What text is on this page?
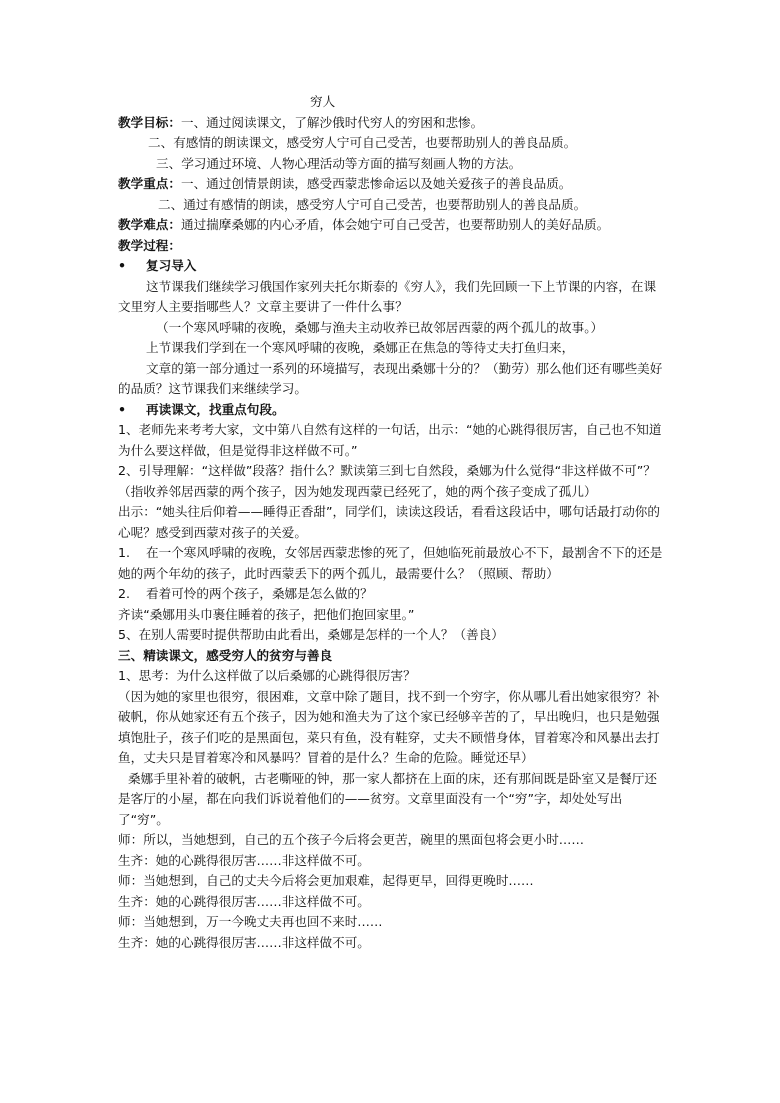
穷人

教学目标：一、通过阅读课文，了解沙俄时代穷人的穷困和悲惨。

二、有感情的朗读课文，感受穷人宁可自己受苦，也要帮助别人的善良品质。

三、学习通过环境、人物心理活动等方面的描写刻画人物的方法。

教学重点：一、通过创情景朗读，感受西蒙悲惨命运以及她关爱孩子的善良品质。

二、通过有感情的朗读，感受穷人宁可自己受苦，也要帮助别人的善良品质。

教学难点：通过揣摩桑娜的内心矛盾，体会她宁可自己受苦，也要帮助别人的美好品质。

教学过程：

• 复习导入

这节课我们继续学习俄国作家列夫托尔斯泰的《穷人》，我们先回顾一下上节课的内容，在课文里穷人主要指哪些人？文章主要讲了一件什么事？

（一个寒风呼啸的夜晚，桑娜与渔夫主动收养已故邻居西蒙的两个孤儿的故事。）

上节课我们学到在一个寒风呼啸的夜晚，桑娜正在焦急的等待丈夫打鱼归来，

文章的第一部分通过一系列的环境描写，表现出桑娜十分的？（勤劳）那么他们还有哪些美好的品质？这节课我们来继续学习。

• 再读课文，找重点句段。

1、老师先来考考大家，文中第八自然有这样的一句话，出示：“她的心跳得很厉害，自己也不知道为什么要这样做，但是觉得非这样做不可。”

2、引导理解：“这样做”段落？指什么？默读第三到七自然段，桑娜为什么觉得“非这样做不可”？

（指收养邻居西蒙的两个孩子，因为她发现西蒙已经死了，她的两个孩子变成了孤儿）

出示：“她头往后仰着——睡得正香甜”，同学们，读读这段话，看看这段话中，哪句话最打动你的心呢？感受到西蒙对孩子的关爱。

1. 在一个寒风呼啸的夜晚，女邻居西蒙悲惨的死了，但她临死前最放心不下，最割舍不下的还是她的两个年幼的孩子，此时西蒙丢下的两个孤儿，最需要什么？（照顾、帮助）

2. 看着可怜的两个孩子，桑娜是怎么做的？

齐读“桑娜用头巾裹住睡着的孩子，把他们抱回家里。”

5、在别人需要时提供帮助由此看出，桑娜是怎样的一个人？（善良）

三、精读课文，感受穷人的贫穷与善良

1、思考：为什么这样做了以后桑娜的心跳得很厉害？

（因为她的家里也很穷，很困难，文章中除了题目，找不到一个穷字，你从哪儿看出她家很穷？补破帆，你从她家还有五个孩子，因为她和渔夫为了这个家已经够辛苦的了，早出晚归，也只是勉强填饱肚子，孩子们吃的是黑面包，菜只有鱼，没有鞋穿，丈夫不顾惜身体，冒着寒冷和风暴出去打鱼，丈夫只是冒着寒冷和风暴吗？冒着的是什么？生命的危险。睡觉还早）

桑娜手里补着的破帆，古老嘶哑的钟，那一家人都挤在上面的床，还有那间既是卧室又是餐厅还是客厅的小屋，都在向我们诉说着他们的——贫穷。文章里面没有一个“穷”字，却处处写出了“穷”。

师：所以，当她想到，自己的五个孩子今后将会更苦，碗里的黑面包将会更小时……

生齐：她的心跳得很厉害……非这样做不可。

师：当她想到，自己的丈夫今后将会更加艰难，起得更早，回得更晚时……

生齐：她的心跳得很厉害……非这样做不可。

师：当她想到，万一今晚丈夫再也回不来时……

生齐：她的心跳得很厉害……非这样做不可。
